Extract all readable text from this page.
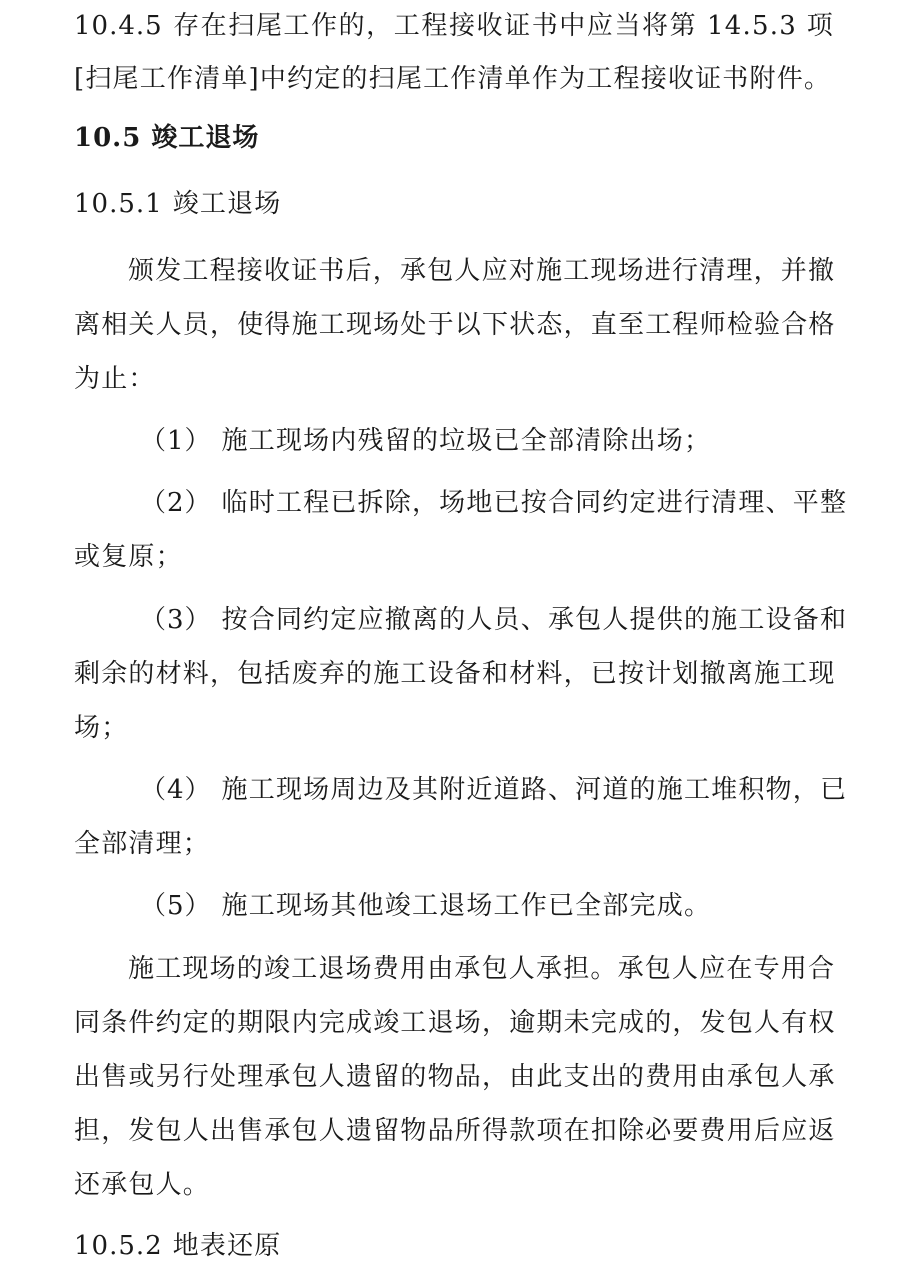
10.4.5 存在扫尾工作的，工程接收证书中应当将第 14.5.3 项
[扫尾工作清单]中约定的扫尾工作清单作为工程接收证书附件。
10.5 竣工退场
10.5.1 竣工退场
颁发工程接收证书后，承包人应对施工现场进行清理，并撤
离相关人员，使得施工现场处于以下状态，直至工程师检验合格
为止：
（1） 施工现场内残留的垃圾已全部清除出场；
（2） 临时工程已拆除，场地已按合同约定进行清理、平整
或复原；
（3） 按合同约定应撤离的人员、承包人提供的施工设备和
剩余的材料，包括废弃的施工设备和材料，已按计划撤离施工现
场；
（4） 施工现场周边及其附近道路、河道的施工堆积物，已
全部清理；
（5） 施工现场其他竣工退场工作已全部完成。
施工现场的竣工退场费用由承包人承担。承包人应在专用合
同条件约定的期限内完成竣工退场，逾期未完成的，发包人有权
出售或另行处理承包人遗留的物品，由此支出的费用由承包人承
担，发包人出售承包人遗留物品所得款项在扣除必要费用后应返
还承包人。
10.5.2 地表还原
